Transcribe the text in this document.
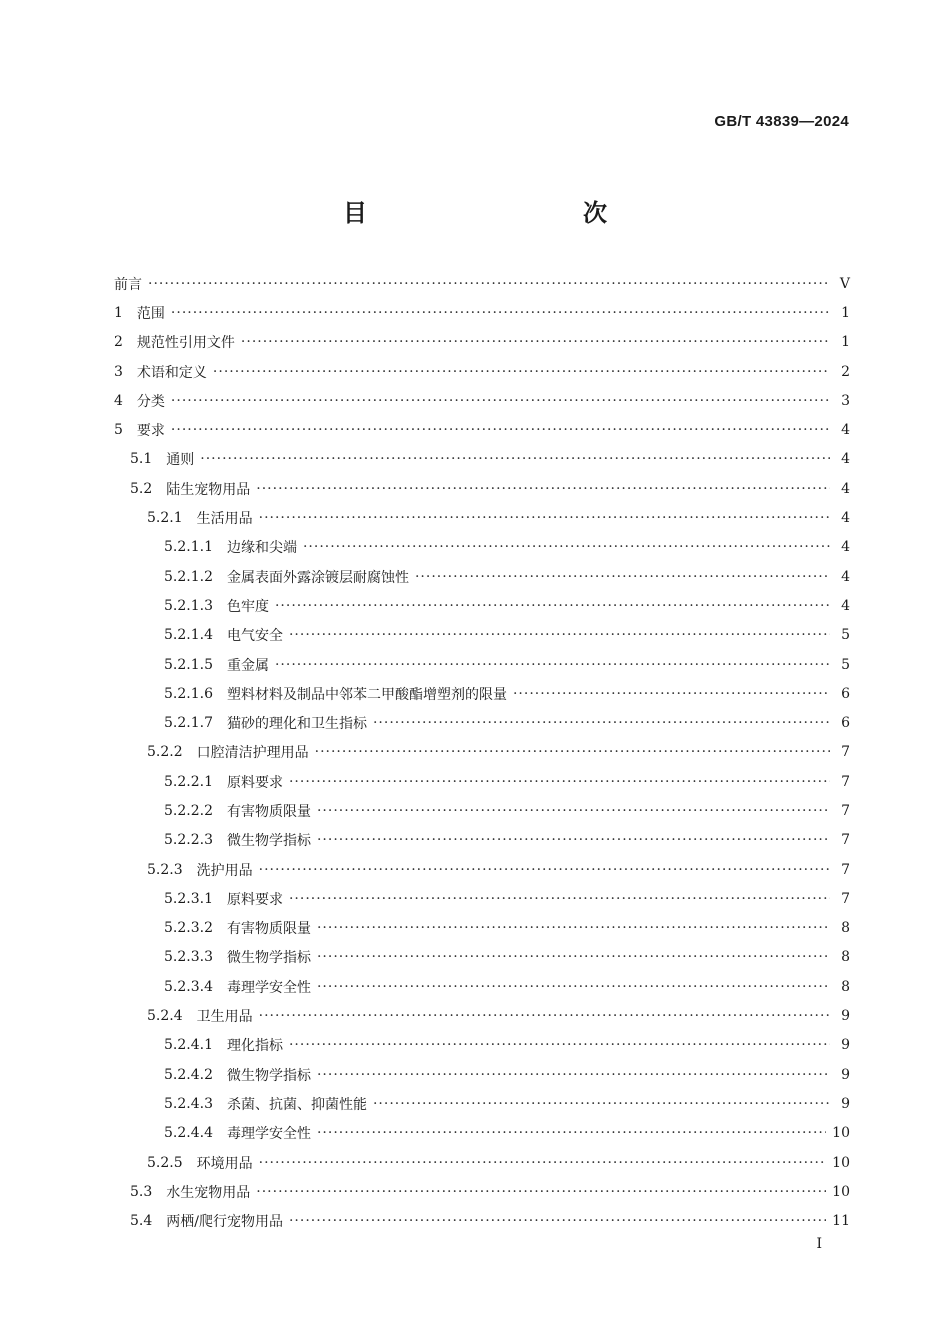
GB/T 43839—2024
目　　次
前言 ·····	V
1 范围 ·····	1
2 规范性引用文件 ·····	1
3 术语和定义 ·····	2
4 分类 ·····	3
5 要求 ·····	4
5.1 通则 ·····	4
5.2 陆生宠物用品 ·····	4
5.2.1 生活用品 ·····	4
5.2.1.1 边缘和尖端 ·····	4
5.2.1.2 金属表面外露涂镀层耐腐蚀性 ·····	4
5.2.1.3 色牢度 ·····	4
5.2.1.4 电气安全 ·····	5
5.2.1.5 重金属 ·····	5
5.2.1.6 塑料材料及制品中邻苯二甲酸酯增塑剂的限量 ·····	6
5.2.1.7 猫砂的理化和卫生指标 ·····	6
5.2.2 口腔清洁护理用品 ·····	7
5.2.2.1 原料要求 ·····	7
5.2.2.2 有害物质限量 ·····	7
5.2.2.3 微生物学指标 ·····	7
5.2.3 洗护用品 ·····	7
5.2.3.1 原料要求 ·····	7
5.2.3.2 有害物质限量 ·····	8
5.2.3.3 微生物学指标 ·····	8
5.2.3.4 毒理学安全性 ·····	8
5.2.4 卫生用品 ·····	9
5.2.4.1 理化指标 ·····	9
5.2.4.2 微生物学指标 ·····	9
5.2.4.3 杀菌、抗菌、抑菌性能 ·····	9
5.2.4.4 毒理学安全性 ·····	10
5.2.5 环境用品 ·····	10
5.3 水生宠物用品 ·····	10
5.4 两栖/爬行宠物用品 ·····	11
I
